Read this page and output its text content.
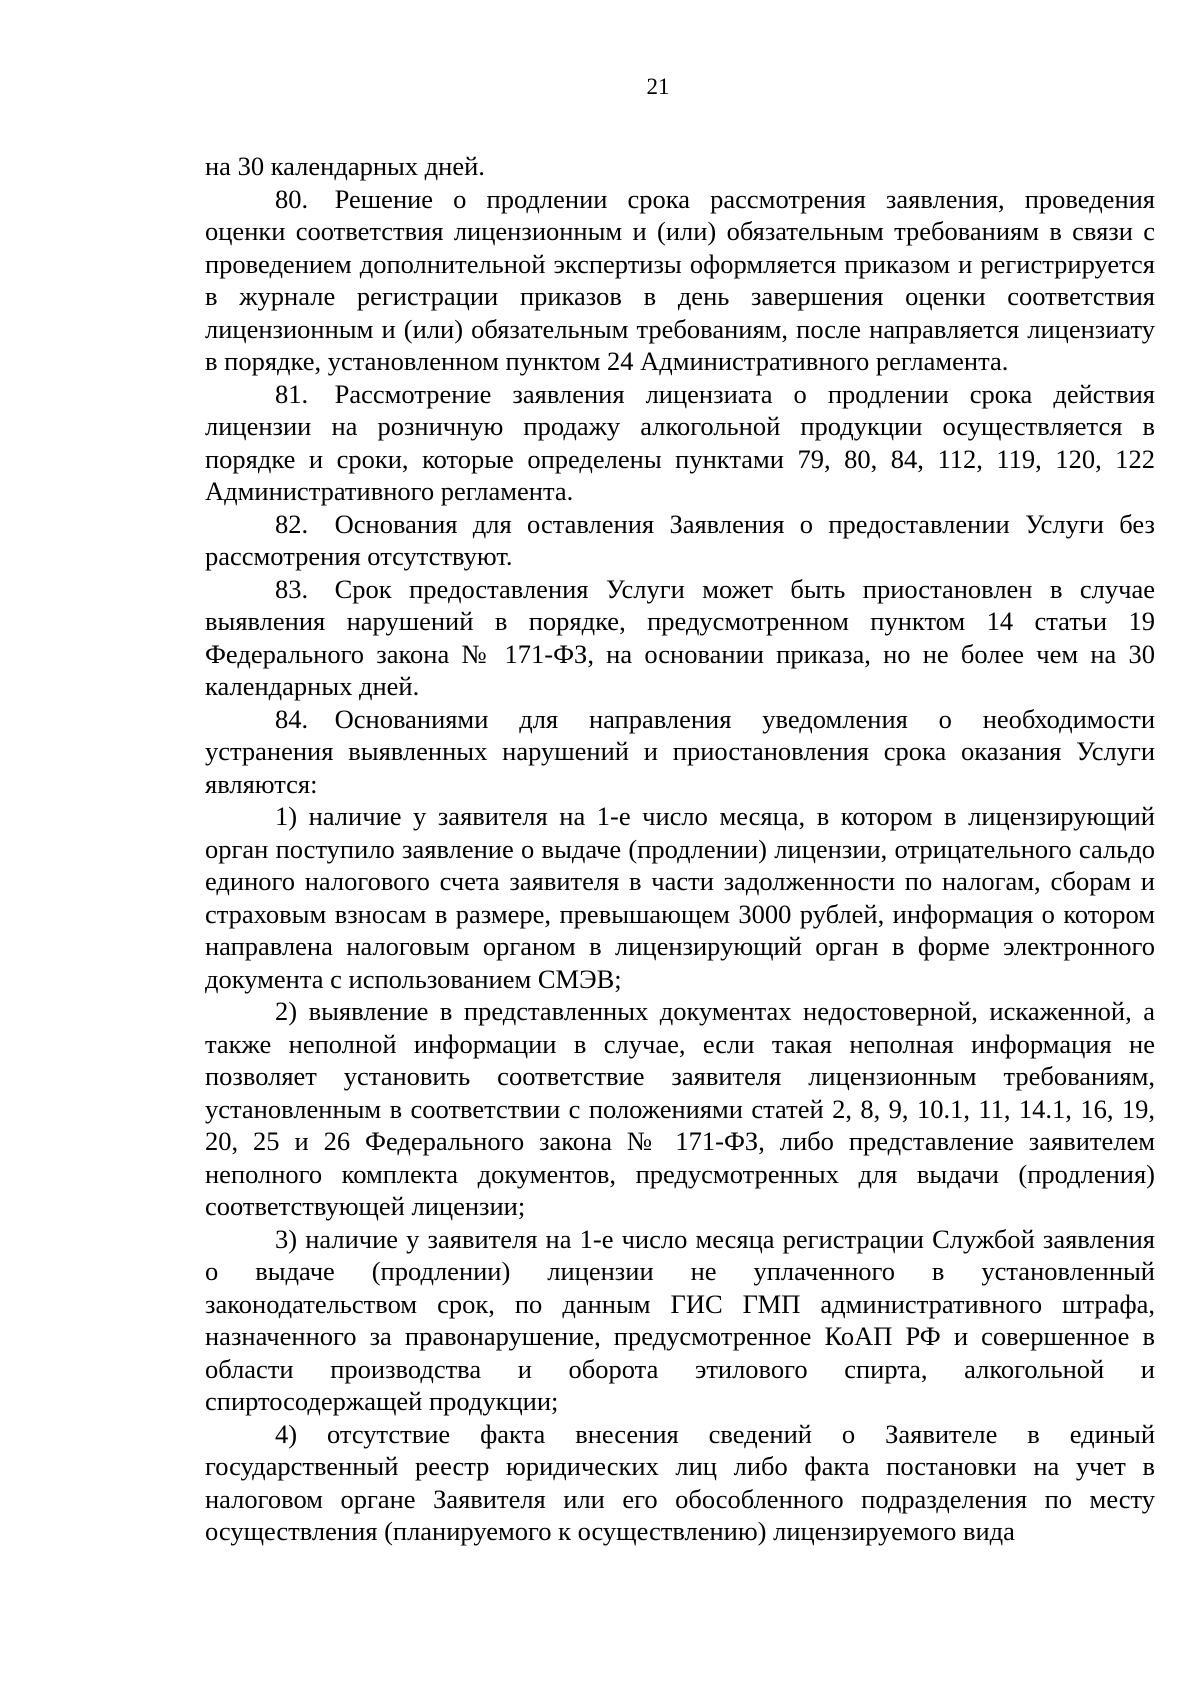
21

на 30 календарных дней.

80. Решение о продлении срока рассмотрения заявления, проведения оценки соответствия лицензионным и (или) обязательным требованиям в связи с проведением дополнительной экспертизы оформляется приказом и регистрируется в журнале регистрации приказов в день завершения оценки соответствия лицензионным и (или) обязательным требованиям, после направляется лицензиату в порядке, установленном пунктом 24 Административного регламента.

81. Рассмотрение заявления лицензиата о продлении срока действия лицензии на розничную продажу алкогольной продукции осуществляется в порядке и сроки, которые определены пунктами 79, 80, 84, 112, 119, 120, 122 Административного регламента.

82. Основания для оставления Заявления о предоставлении Услуги без рассмотрения отсутствуют.

83. Срок предоставления Услуги может быть приостановлен в случае выявления нарушений в порядке, предусмотренном пунктом 14 статьи 19 Федерального закона № 171-ФЗ, на основании приказа, но не более чем на 30 календарных дней.

84. Основаниями для направления уведомления о необходимости устранения выявленных нарушений и приостановления срока оказания Услуги являются:

1) наличие у заявителя на 1-е число месяца, в котором в лицензирующий орган поступило заявление о выдаче (продлении) лицензии, отрицательного сальдо единого налогового счета заявителя в части задолженности по налогам, сборам и страховым взносам в размере, превышающем 3000 рублей, информация о котором направлена налоговым органом в лицензирующий орган в форме электронного документа с использованием СМЭВ;

2) выявление в представленных документах недостоверной, искаженной, а также неполной информации в случае, если такая неполная информация не позволяет установить соответствие заявителя лицензионным требованиям, установленным в соответствии с положениями статей 2, 8, 9, 10.1, 11, 14.1, 16, 19, 20, 25 и 26 Федерального закона № 171-ФЗ, либо представление заявителем неполного комплекта документов, предусмотренных для выдачи (продления) соответствующей лицензии;

3) наличие у заявителя на 1-е число месяца регистрации Службой заявления о выдаче (продлении) лицензии не уплаченного в установленный законодательством срок, по данным ГИС ГМП административного штрафа, назначенного за правонарушение, предусмотренное КоАП РФ и совершенное в области производства и оборота этилового спирта, алкогольной и спиртосодержащей продукции;

4) отсутствие факта внесения сведений о Заявителе в единый государственный реестр юридических лиц либо факта постановки на учет в налоговом органе Заявителя или его обособленного подразделения по месту осуществления (планируемого к осуществлению) лицензируемого вида
